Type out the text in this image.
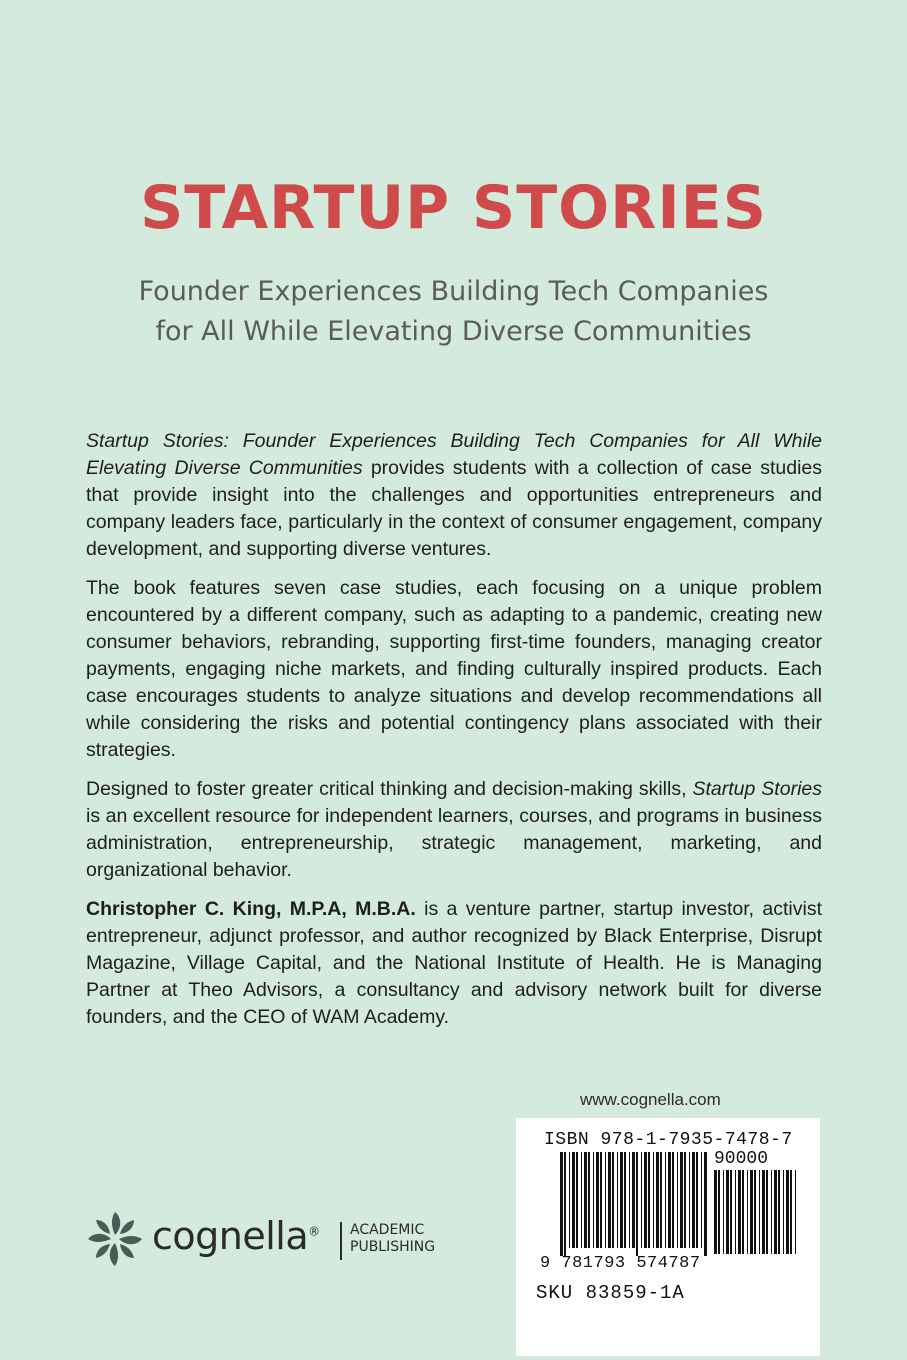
STARTUP STORIES
Founder Experiences Building Tech Companies
for All While Elevating Diverse Communities

Startup Stories: Founder Experiences Building Tech Companies for All While Elevating Diverse Communities provides students with a collection of case studies that provide insight into the challenges and opportunities entrepreneurs and company leaders face, particularly in the context of consumer engagement, company development, and supporting diverse ventures.

The book features seven case studies, each focusing on a unique problem encountered by a different company, such as adapting to a pandemic, creating new consumer behaviors, rebranding, supporting first-time founders, managing creator payments, engaging niche markets, and finding culturally inspired products. Each case encourages students to analyze situations and develop recommendations all while considering the risks and potential contingency plans associated with their strategies.

Designed to foster greater critical thinking and decision-making skills, Startup Stories is an excellent resource for independent learners, courses, and programs in business administration, entrepreneurship, strategic management, marketing, and organizational behavior.

Christopher C. King, M.P.A, M.B.A. is a venture partner, startup investor, activist entrepreneur, adjunct professor, and author recognized by Black Enterprise, Disrupt Magazine, Village Capital, and the National Institute of Health. He is Managing Partner at Theo Advisors, a consultancy and advisory network built for diverse founders, and the CEO of WAM Academy.

www.cognella.com
ISBN 978-1-7935-7478-7
90000
9 781793 574787
SKU 83859-1A
cognella® ACADEMIC
PUBLISHING
